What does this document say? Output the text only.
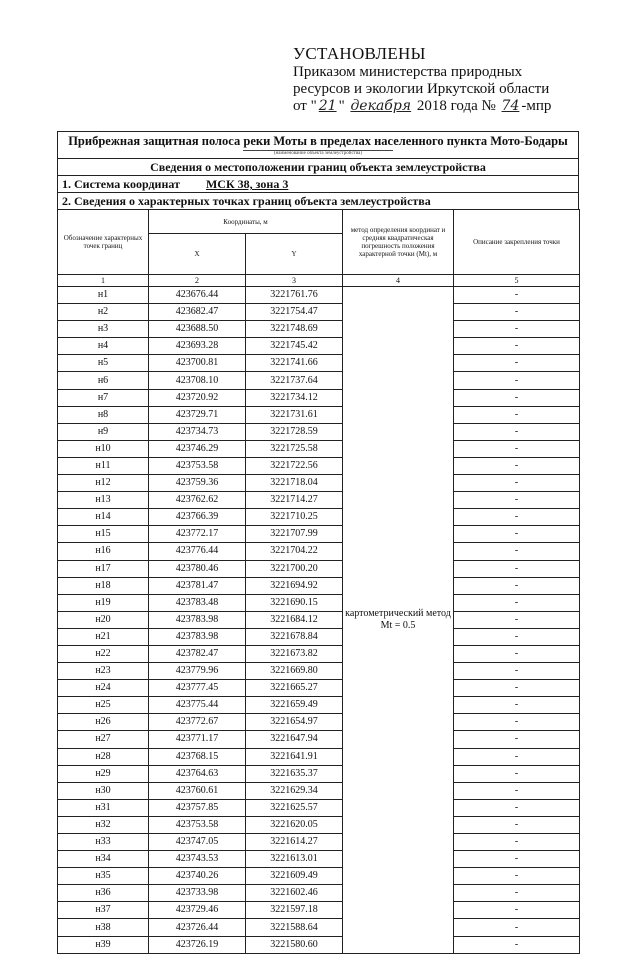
УСТАНОВЛЕНЫ
Приказом министерства природных
ресурсов и экологии Иркутской области
от " 21 " декабря 2018 года № 74 -мпр
Прибрежная защитная полоса реки Моты в пределах населенного пункта Мото-Бодары
(наименование объекта землеустройства)
Сведения о местоположении границ объекта землеустройства
1. Система координат МСК 38, зона 3
2. Сведения о характерных точках границ объекта землеустройства
Обозначение характерных точек границ	Координаты, м		метод определения координат и средняя квадратическая погрешность положения характерной точки (Mt), м	Описание закрепления точки
	X	Y		
1	2	3	4	5
н1	423676.44	3221761.76	картометрический метод Mt = 0.5	-
н2	423682.47	3221754.47		-
н3	423688.50	3221748.69		-
н4	423693.28	3221745.42		-
н5	423700.81	3221741.66		-
н6	423708.10	3221737.64		-
н7	423720.92	3221734.12		-
н8	423729.71	3221731.61		-
н9	423734.73	3221728.59		-
н10	423746.29	3221725.58		-
н11	423753.58	3221722.56		-
н12	423759.36	3221718.04		-
н13	423762.62	3221714.27		-
н14	423766.39	3221710.25		-
н15	423772.17	3221707.99		-
н16	423776.44	3221704.22		-
н17	423780.46	3221700.20		-
н18	423781.47	3221694.92		-
н19	423783.48	3221690.15		-
н20	423783.98	3221684.12		-
н21	423783.98	3221678.84		-
н22	423782.47	3221673.82		-
н23	423779.96	3221669.80		-
н24	423777.45	3221665.27		-
н25	423775.44	3221659.49		-
н26	423772.67	3221654.97		-
н27	423771.17	3221647.94		-
н28	423768.15	3221641.91		-
н29	423764.63	3221635.37		-
н30	423760.61	3221629.34		-
н31	423757.85	3221625.57		-
н32	423753.58	3221620.05		-
н33	423747.05	3221614.27		-
н34	423743.53	3221613.01		-
н35	423740.26	3221609.49		-
н36	423733.98	3221602.46		-
н37	423729.46	3221597.18		-
н38	423726.44	3221588.64		-
н39	423726.19	3221580.60		-
